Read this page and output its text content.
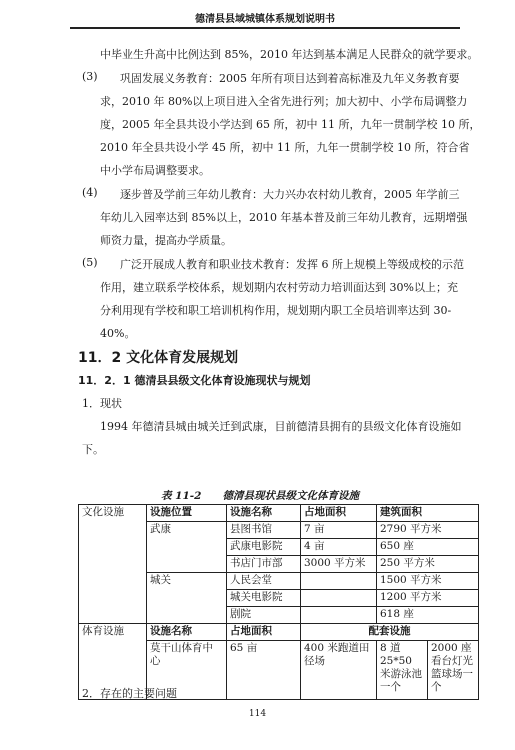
德清县县域城镇体系规划说明书
中毕业生升高中比例达到 85%，2010 年达到基本满足人民群众的就学要求。
(3) 巩固发展义务教育：2005 年所有项目达到着高标准及九年义务教育要
求，2010 年 80%以上项目进入全省先进行列；加大初中、小学布局调整力
度，2005 年全县共设小学达到 65 所，初中 11 所，九年一贯制学校 10 所，
2010 年全县共设小学 45 所，初中 11 所，九年一贯制学校 10 所，符合省
中小学布局调整要求。
(4) 逐步普及学前三年幼儿教育：大力兴办农村幼儿教育，2005 年学前三
年幼儿入园率达到 85%以上，2010 年基本普及前三年幼儿教育，远期增强
师资力量，提高办学质量。
(5) 广泛开展成人教育和职业技术教育：发挥 6 所上规模上等级成校的示范
作用，建立联系学校体系，规划期内农村劳动力培训面达到 30%以上；充
分利用现有学校和职工培训机构作用，规划期内职工全员培训率达到 30-
40%。
11．2 文化体育发展规划
11．2．1 德清县县级文化体育设施现状与规划
1．现状
1994 年德清县城由城关迁到武康，目前德清县拥有的县级文化体育设施如
下。
表 11-2　　德清县现状县级文化体育设施
文化设施	设施位置	设施名称	占地面积	建筑面积	
	武康	县图书馆	7 亩	2790 平方米	
		武康电影院	4 亩	650 座	
		书店门市部	3000 平方米	250 平方米	
	城关	人民会堂		1500 平方米	
		城关电影院		1200 平方米	
		剧院		618 座	
体育设施	设施名称	占地面积	配套设施		
	莫干山体育中心	65 亩	400 米跑道田径场	8 道 25*50 米游泳池一个	2000 座看台灯光篮球场一个
2．存在的主要问题
114
